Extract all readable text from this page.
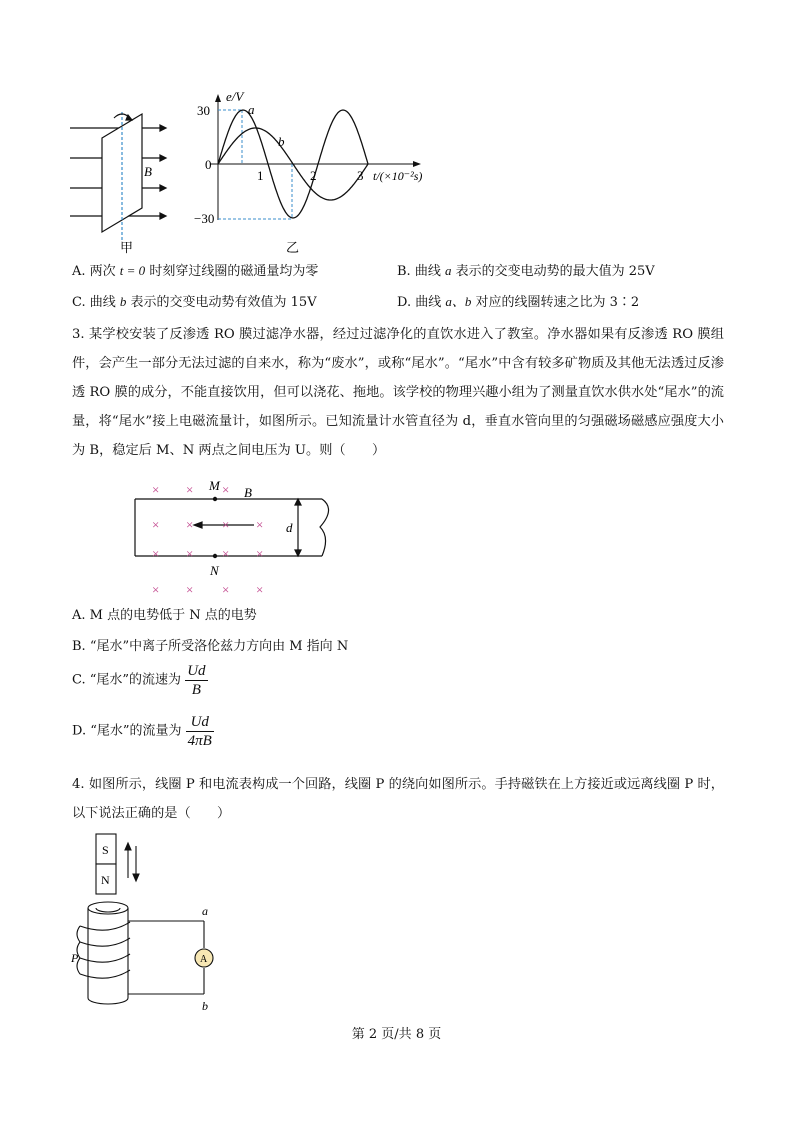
B
甲
e/V
t/(×10⁻²s)
30
0
−30
1	2	3
a
b
乙
A. 两次 t = 0 时刻穿过线圈的磁通量均为零	B. 曲线 a 表示的交变电动势的最大值为 25V
C. 曲线 b 表示的交变电动势有效值为 15V	D. 曲线 a、b 对应的线圈转速之比为 3∶2
3. 某学校安装了反渗透 RO 膜过滤净水器，经过过滤净化的直饮水进入了教室。净水器如果有反渗透 RO 膜组件，会产生一部分无法过滤的自来水，称为“废水”，或称“尾水”。“尾水”中含有较多矿物质及其他无法透过反渗透 RO 膜的成分，不能直接饮用，但可以浇花、拖地。该学校的物理兴趣小组为了测量直饮水供水处“尾水”的流量，将“尾水”接上电磁流量计，如图所示。已知流量计水管直径为 d，垂直水管向里的匀强磁场磁感应强度大小为 B，稳定后 M、N 两点之间电压为 U。则（　　）
× × ×
× × × ×
× × × ×
× × × ×
M
N
B
d
A. M 点的电势低于 N 点的电势
B. “尾水”中离子所受洛伦兹力方向由 M 指向 N
C. “尾水”的流速为 $\frac{Ud}{B}$
D. “尾水”的流量为 $\frac{Ud}{4\pi B}$
4. 如图所示，线圈 P 和电流表构成一个回路，线圈 P 的绕向如图所示。手持磁铁在上方接近或远离线圈 P 时，以下说法正确的是（　　）
S
N
A
a
b
P
第 2 页/共 8 页
